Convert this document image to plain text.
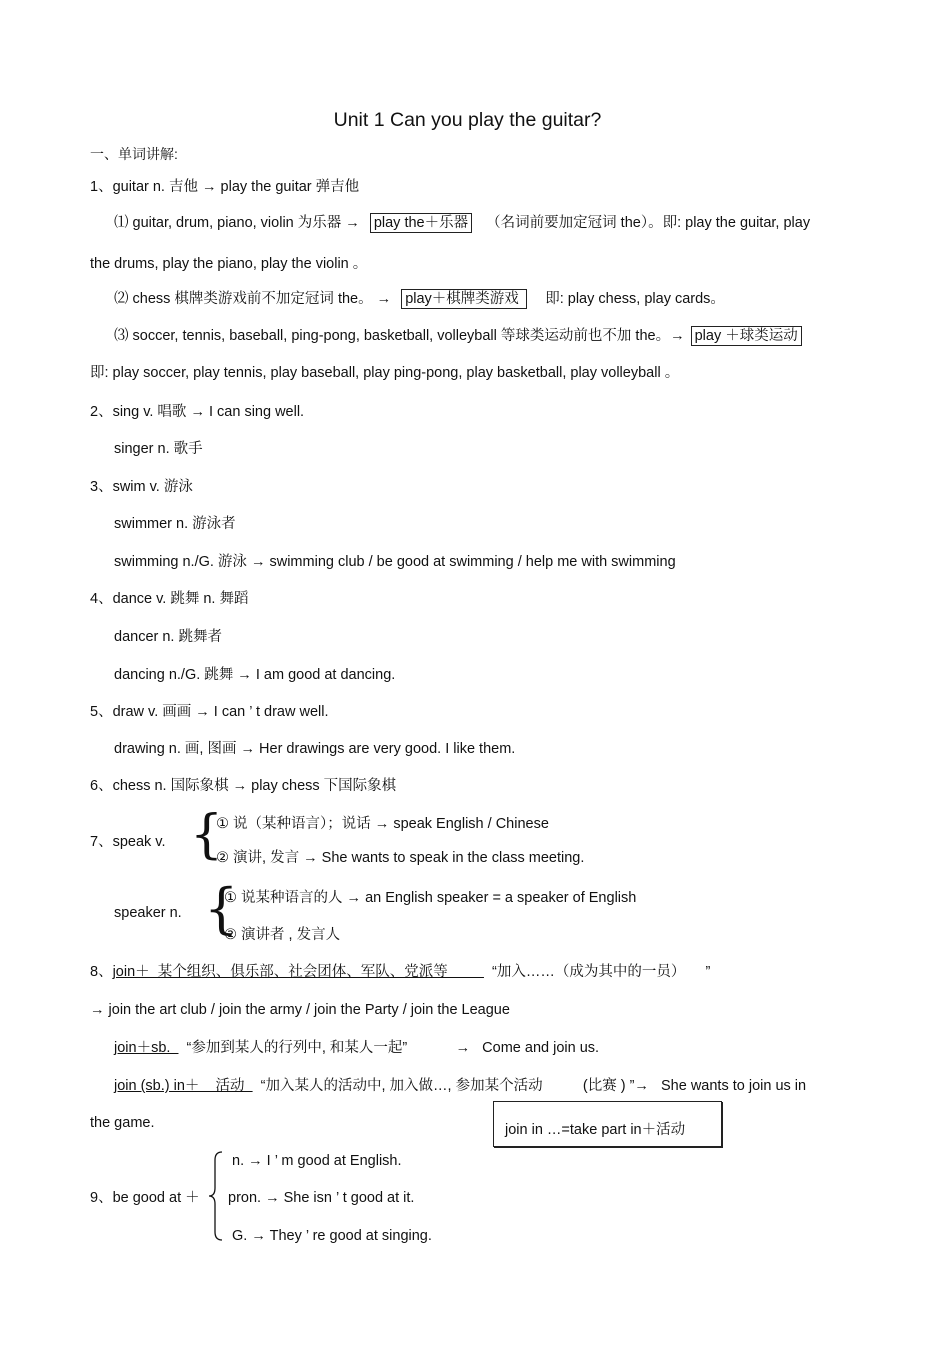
Unit 1 Can you play the guitar?
一、单词讲解:
1、guitar n. 吉他 → play the guitar 弹吉他
⑴ guitar, drum, piano, violin 为乐器 → play the＋乐器 （名词前要加定冠词 the）。即: play the guitar, play
the drums, play the piano, play the violin 。
⑵ chess 棋牌类游戏前不加定冠词 the。 → play＋棋牌类游戏 即: play chess, play cards。
⑶ soccer, tennis, baseball, ping-pong, basketball, volleyball 等球类运动前也不加 the。→ play ＋球类运动
即: play soccer, play tennis, play baseball, play ping-pong, play basketball, play volleyball 。
2、sing v. 唱歌 → I can sing well.
singer n. 歌手
3、swim v. 游泳
swimmer n. 游泳者
swimming n./G. 游泳 → swimming club / be good at swimming / help me with swimming
4、dance v. 跳舞 n. 舞蹈
dancer n. 跳舞者
dancing n./G. 跳舞 → I am good at dancing.
5、draw v. 画画 → I can ’ t draw well.
drawing n. 画, 图画 → Her drawings are very good. I like them.
6、chess n. 国际象棋 → play chess 下国际象棋
7、speak v. {
① 说（某种语言）；说话 → speak English / Chinese
② 演讲, 发言 → She wants to speak in the class meeting.
speaker n. {
① 说某种语言的人 → an English speaker = a speaker of English
② 演讲者 , 发言人
8、join＋  某个组织、俱乐部、社会团体、军队、党派等           “加入……（成为其中的一员）     ”
→ join the art club / join the army / join the Party / join the League
join＋sb.    “参加到某人的行列中, 和某人一起”            →   Come and join us.
join (sb.) in＋    活动    “加入某人的活动中, 加入做…, 参加某个活动          (比赛 ) ”→   She wants to join us in
the game.	join in …=take part in＋活动
9、be good at ＋
n. → I ’ m good at English.
pron. → She isn ’ t good at it.
G. → They ’ re good at singing.
